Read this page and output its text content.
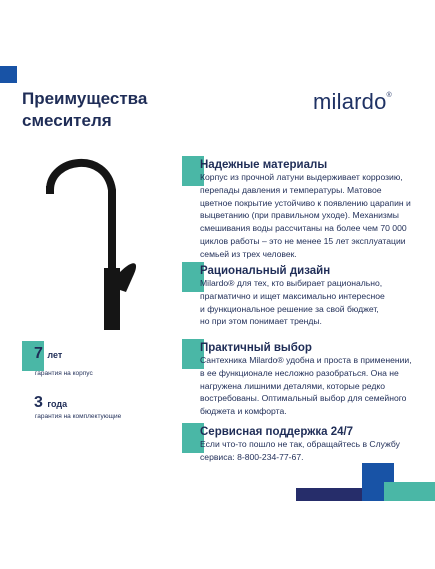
Преимущества
смесителя
milardo®
7 лет
гарантия на корпус
3 года
гарантия на комплектующие
Надежные материалы
Корпус из прочной латуни выдерживает коррозию,
перепады давления и температуры. Матовое
цветное покрытие устойчиво к появлению царапин и
выцветанию (при правильном уходе). Механизмы
смешивания воды рассчитаны на более чем 70 000
циклов работы – это не менее 15 лет эксплуатации
семьей из трех человек.
Рациональный дизайн
Milardo® для тех, кто выбирает рационально,
прагматично и ищет максимально интересное
и функциональное решение за свой бюджет,
но при этом понимает тренды.
Практичный выбор
Сантехника Milardo® удобна и проста в применении,
в ее функционале несложно разобраться. Она не
нагружена лишними деталями, которые редко
востребованы. Оптимальный выбор для семейного
бюджета и комфорта.
Сервисная поддержка 24/7
Если что-то пошло не так, обращайтесь в Службу
сервиса: 8-800-234-77-67.
